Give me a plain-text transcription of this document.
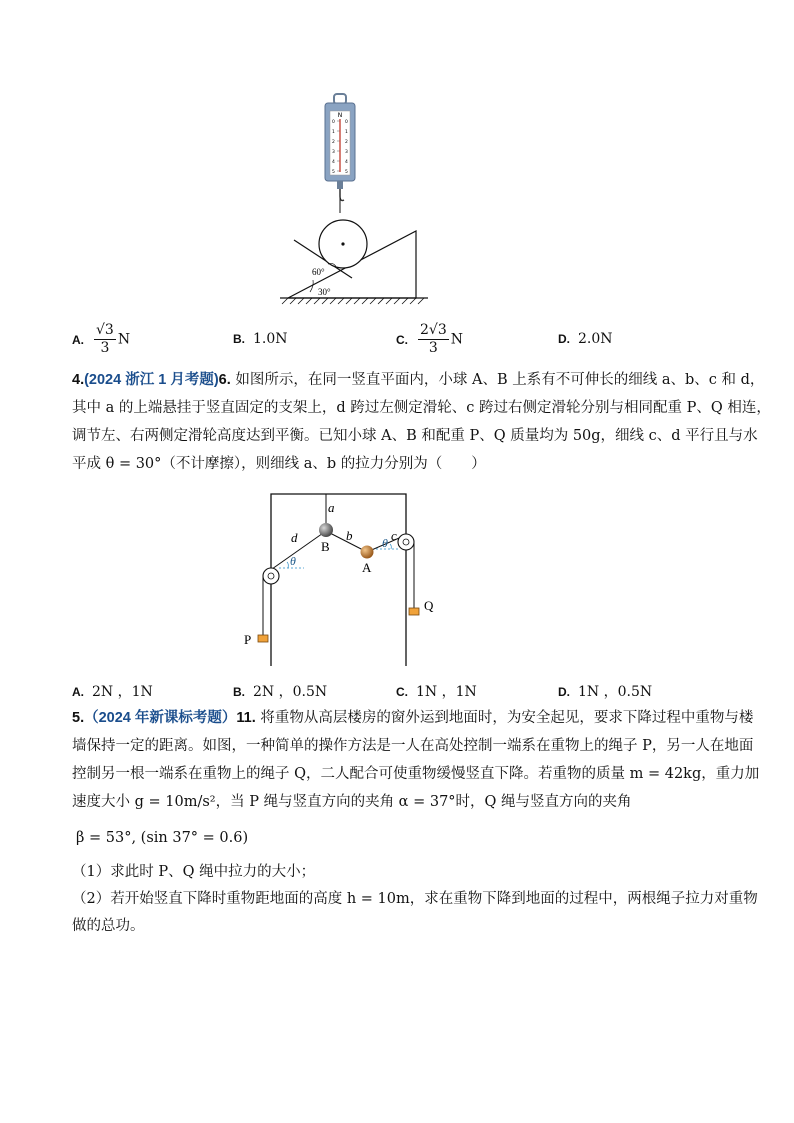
N
0
1
2
3
4
5
0
1
2
3
4
5
60°
30°
A. $\frac{√3}{3}$ N	B. 1.0N	C. $\frac{2√3}{3}$ N	D. 2.0N
4.(2024 浙江 1 月考题)6. 如图所示，在同一竖直平面内，小球 A、B 上系有不可伸长的细线 a、b、c 和 d，
其中 a 的上端悬挂于竖直固定的支架上，d 跨过左侧定滑轮、c 跨过右侧定滑轮分别与相同配重 P、Q 相连，
调节左、右两侧定滑轮高度达到平衡。已知小球 A、B 和配重 P、Q 质量均为 50g，细线 c、d 平行且与水
平成 θ = 30°（不计摩擦），则细线 a、b 的拉力分别为（　　）
a
b	c
d
B
A
P
Q
θ
θ
A. 2N ，1N	B. 2N ，0.5N	C. 1N ，1N	D. 1N ，0.5N
5.（2024 年新课标考题）11. 将重物从高层楼房的窗外运到地面时，为安全起见，要求下降过程中重物与楼
墙保持一定的距离。如图，一种简单的操作方法是一人在高处控制一端系在重物上的绳子 P，另一人在地面
控制另一根一端系在重物上的绳子 Q，二人配合可使重物缓慢竖直下降。若重物的质量 m = 42kg，重力加
速度大小 g = 10m/s²，当 P 绳与竖直方向的夹角 α = 37°时，Q 绳与竖直方向的夹角
β = 53°, (sin 37° = 0.6)
（1）求此时 P、Q 绳中拉力的大小；
（2）若开始竖直下降时重物距地面的高度 h = 10m，求在重物下降到地面的过程中，两根绳子拉力对重物
做的总功。
